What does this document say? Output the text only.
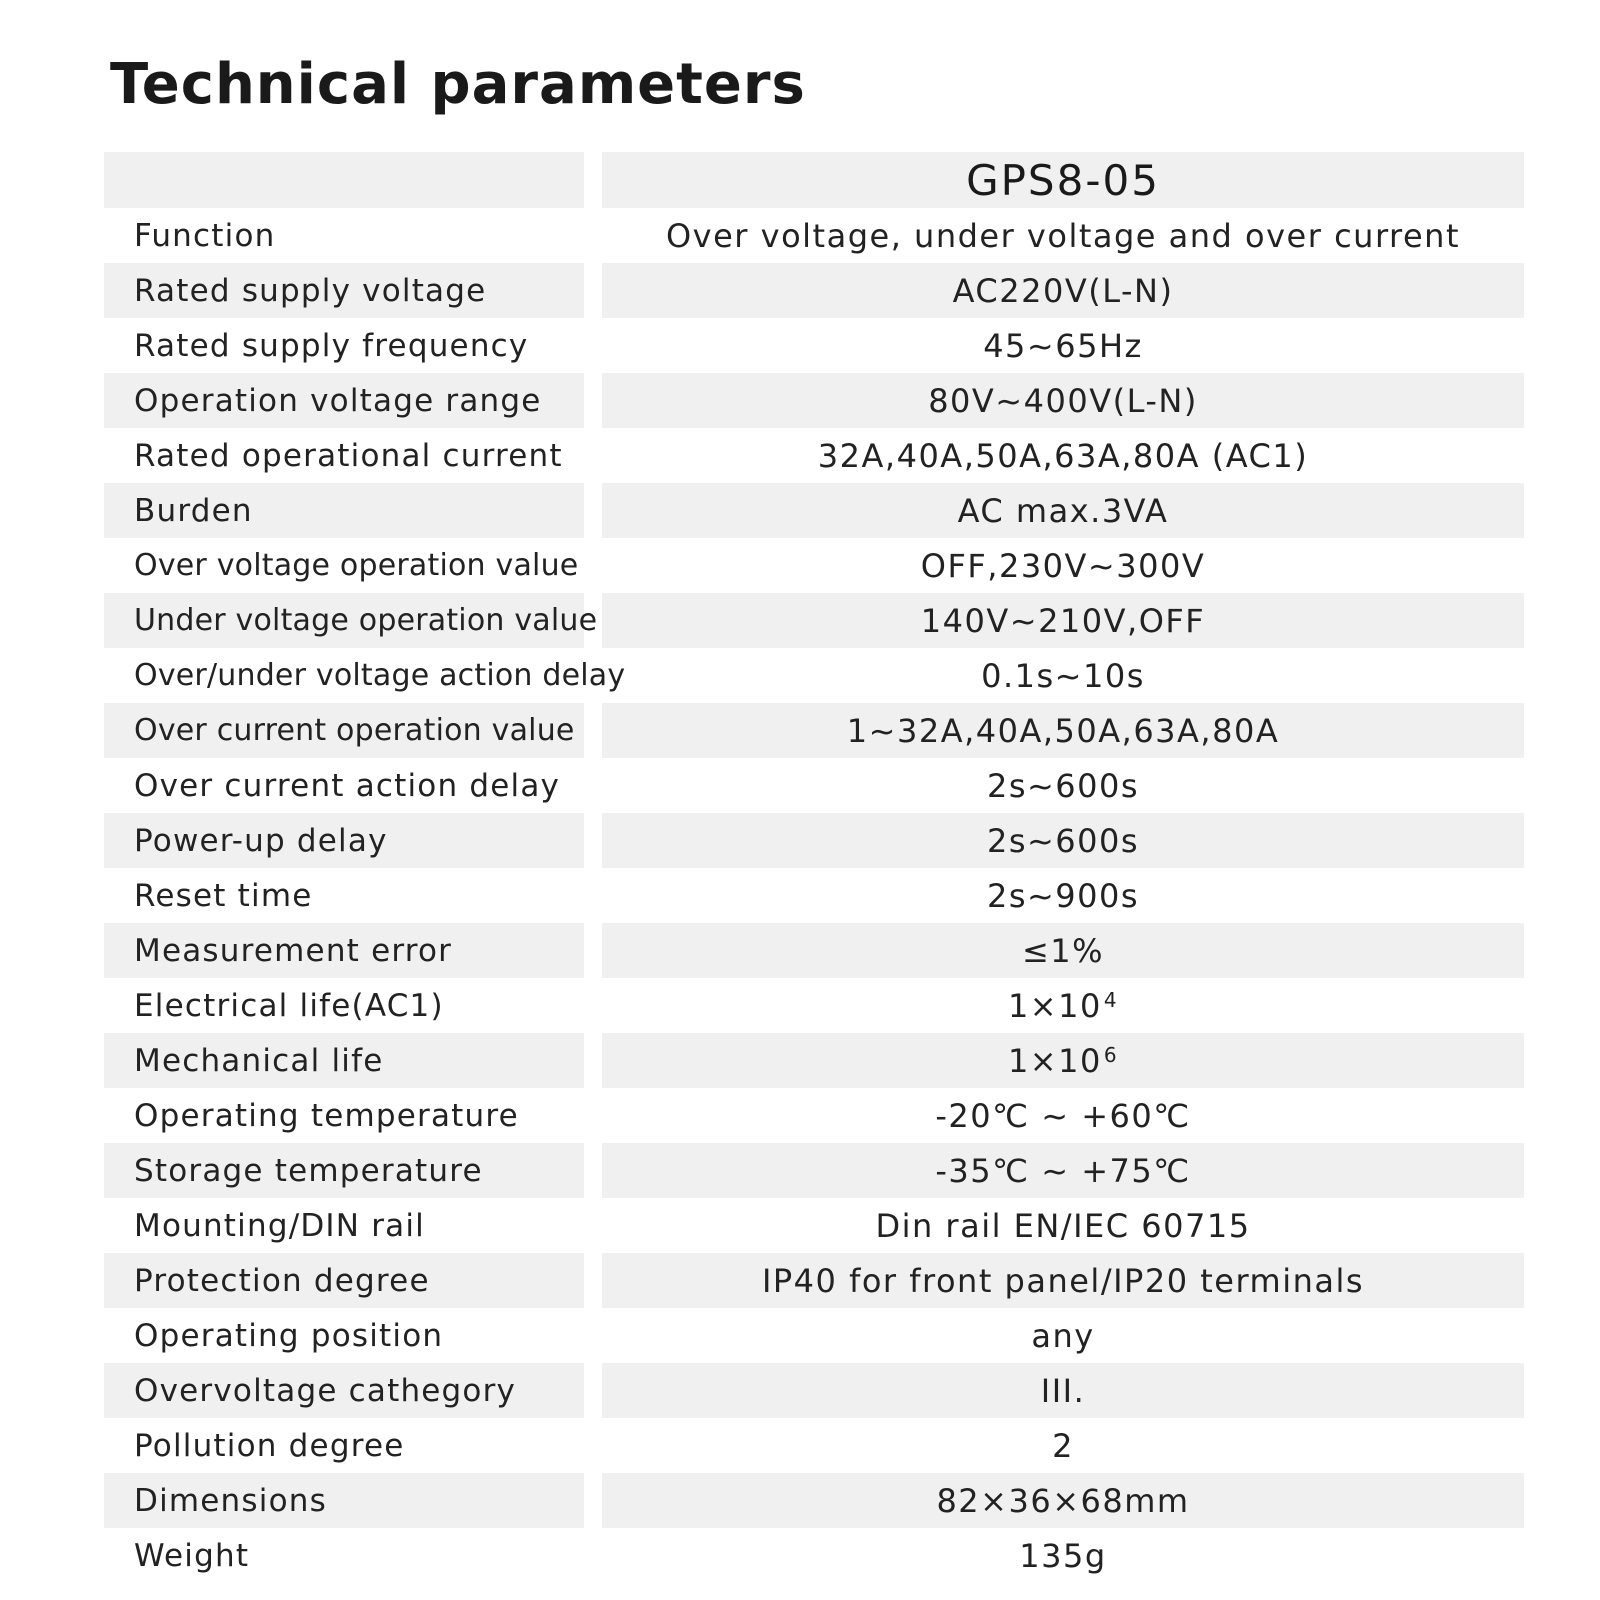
Technical parameters
GPS8-05
Function	Over voltage, under voltage and over current
Rated supply voltage	AC220V(L-N)
Rated supply frequency	45~65Hz
Operation voltage range	80V~400V(L-N)
Rated operational current	32A,40A,50A,63A,80A (AC1)
Burden	AC max.3VA
Over voltage operation value	OFF,230V~300V
Under voltage operation value	140V~210V,OFF
Over/under voltage action delay	0.1s~10s
Over current operation value	1~32A,40A,50A,63A,80A
Over current action delay	2s~600s
Power-up delay	2s~600s
Reset time	2s~900s
Measurement error	≤1%
Electrical life(AC1)	$1\times 10^4$
Mechanical life	$1\times 10^6$
Operating temperature	-20℃ ~ +60℃
Storage temperature	-35℃ ~ +75℃
Mounting/DIN rail	Din rail EN/IEC 60715
Protection degree	IP40 for front panel/IP20 terminals
Operating position	any
Overvoltage cathegory	III.
Pollution degree	2
Dimensions	82×36×68mm
Weight	135g
